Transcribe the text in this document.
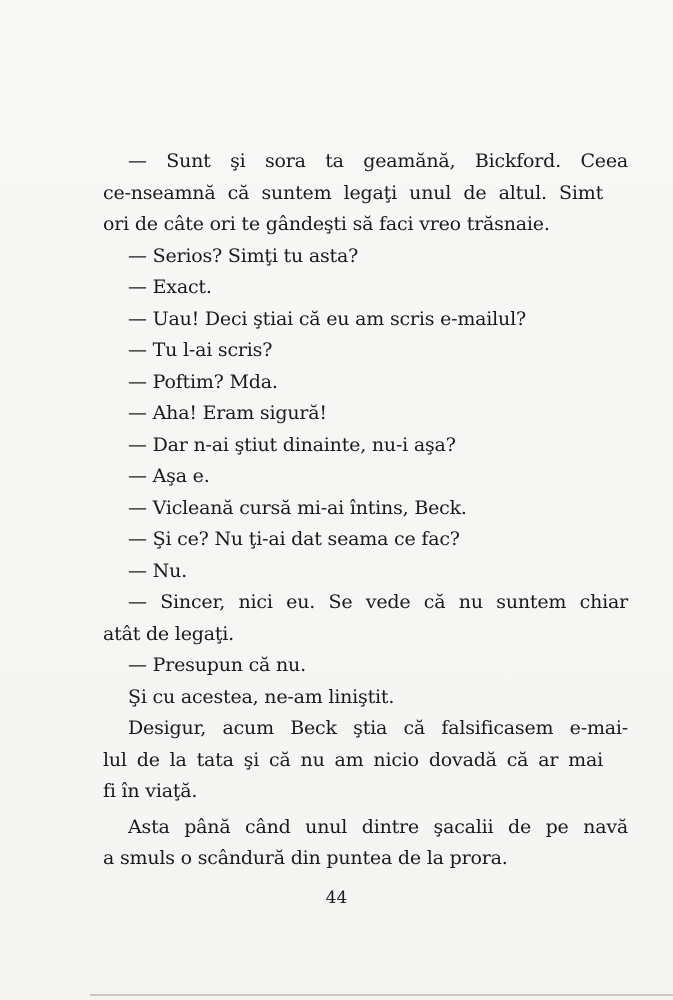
— Sunt şi sora ta geamănă, Bickford. Ceea
ce-nseamnă că suntem legaţi unul de altul. Simt
ori de câte ori te gândeşti să faci vreo trăsnaie.
— Serios? Simţi tu asta?
— Exact.
— Uau! Deci ştiai că eu am scris e-mailul?
— Tu l-ai scris?
— Poftim? Mda.
— Aha! Eram sigură!
— Dar n-ai ştiut dinainte, nu-i aşa?
— Aşa e.
— Vicleană cursă mi-ai întins, Beck.
— Şi ce? Nu ţi-ai dat seama ce fac?
— Nu.
— Sincer, nici eu. Se vede că nu suntem chiar
atât de legaţi.
— Presupun că nu.
Şi cu acestea, ne-am liniştit.
Desigur, acum Beck ştia că falsificasem e-mai-
lul de la tata şi că nu am nicio dovadă că ar mai
fi în viaţă.
Asta până când unul dintre şacalii de pe navă
a smuls o scândură din puntea de la prora.
44
